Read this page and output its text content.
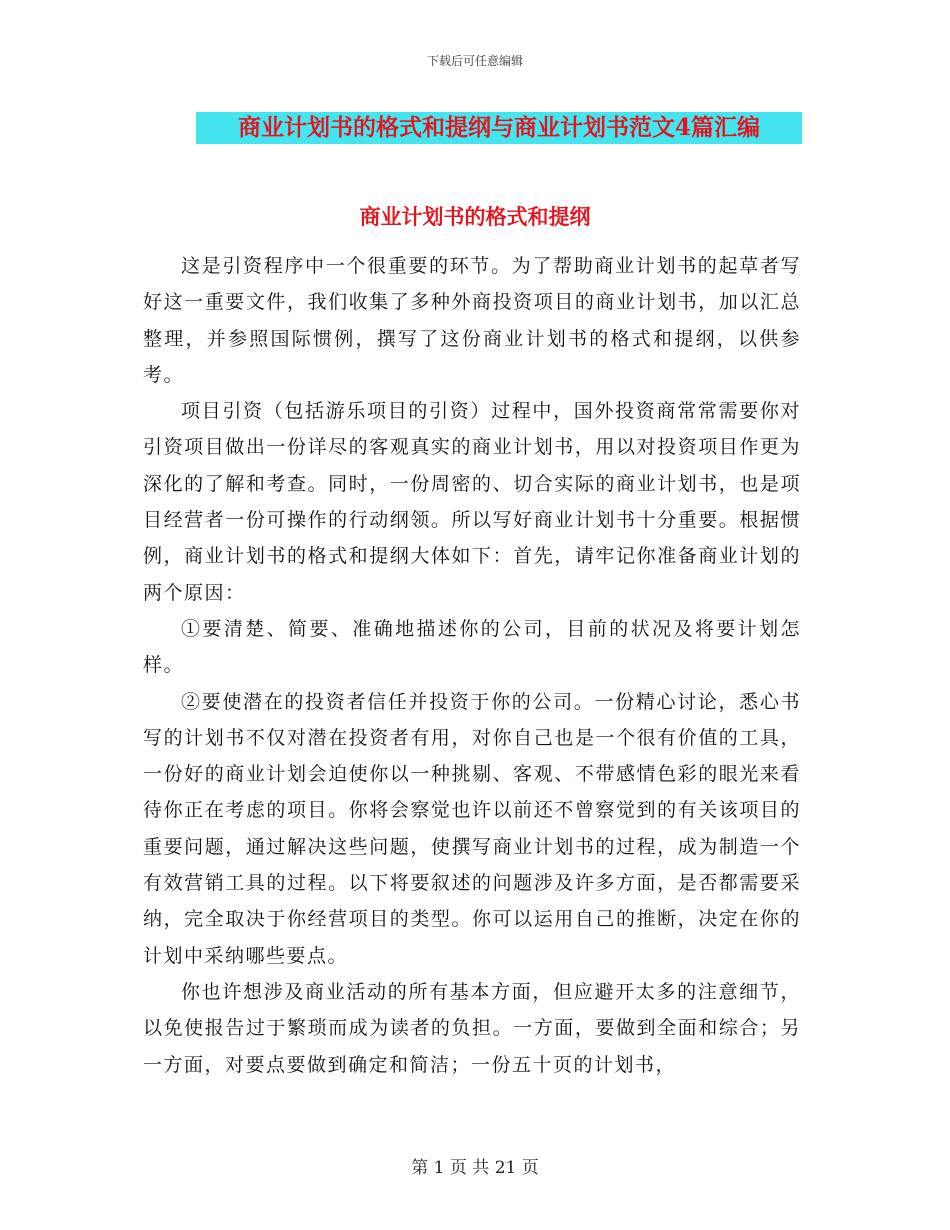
下载后可任意编辑
商业计划书的格式和提纲与商业计划书范文4篇汇编
商业计划书的格式和提纲

这是引资程序中一个很重要的环节。为了帮助商业计划书的起草者写好这一重要文件，我们收集了多种外商投资项目的商业计划书，加以汇总整理，并参照国际惯例，撰写了这份商业计划书的格式和提纲，以供参考。

项目引资（包括游乐项目的引资）过程中，国外投资商常常需要你对引资项目做出一份详尽的客观真实的商业计划书，用以对投资项目作更为深化的了解和考查。同时，一份周密的、切合实际的商业计划书，也是项目经营者一份可操作的行动纲领。所以写好商业计划书十分重要。根据惯例，商业计划书的格式和提纲大体如下：首先，请牢记你准备商业计划的两个原因：

①要清楚、简要、准确地描述你的公司，目前的状况及将要计划怎样。

②要使潜在的投资者信任并投资于你的公司。一份精心讨论，悉心书写的计划书不仅对潜在投资者有用，对你自己也是一个很有价值的工具，一份好的商业计划会迫使你以一种挑剔、客观、不带感情色彩的眼光来看待你正在考虑的项目。你将会察觉也许以前还不曾察觉到的有关该项目的重要问题，通过解决这些问题，使撰写商业计划书的过程，成为制造一个有效营销工具的过程。以下将要叙述的问题涉及许多方面，是否都需要采纳，完全取决于你经营项目的类型。你可以运用自己的推断，决定在你的计划中采纳哪些要点。

你也许想涉及商业活动的所有基本方面，但应避开太多的注意细节，以免使报告过于繁琐而成为读者的负担。一方面，要做到全面和综合；另一方面，对要点要做到确定和简洁；一份五十页的计划书，

第 1 页 共 21 页
